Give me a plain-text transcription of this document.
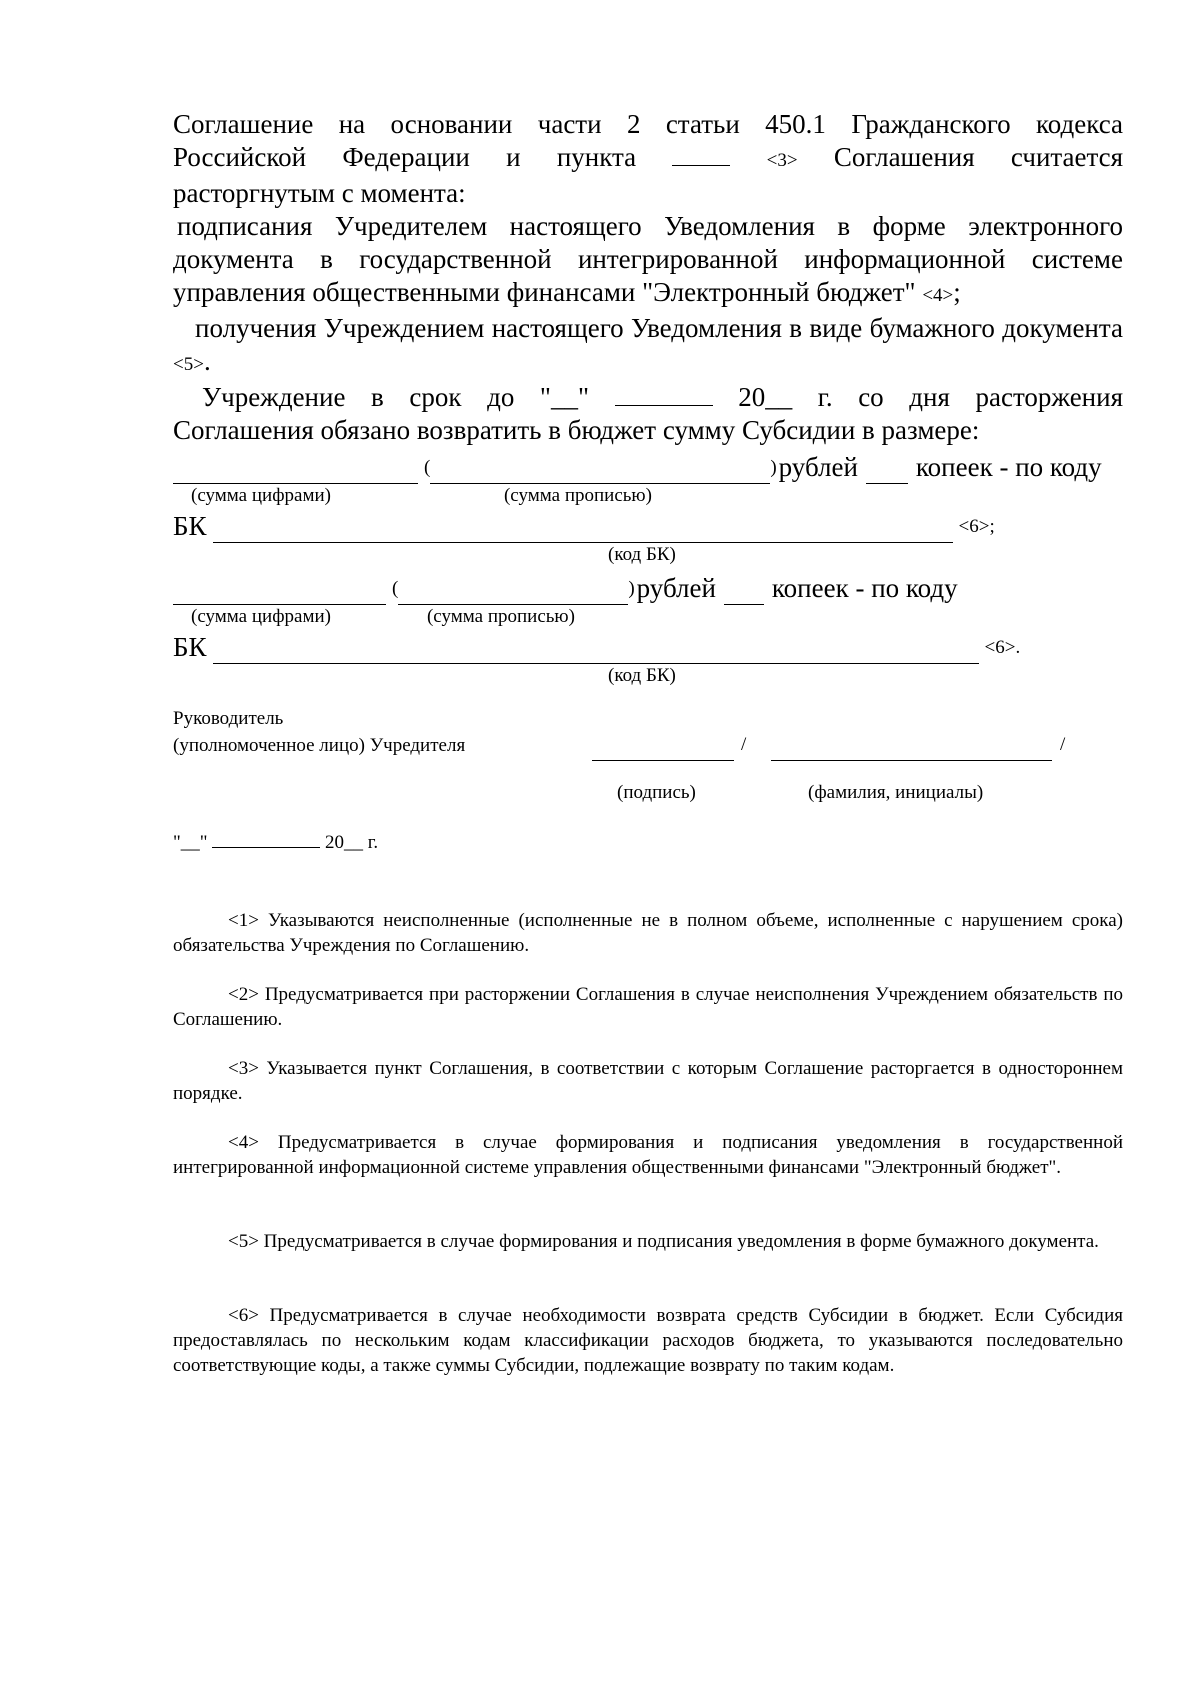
Соглашение на основании части 2 статьи 450.1 Гражданского кодекса
Российской Федерации и пункта	<3> Соглашения считается
расторгнутым с момента:

подписания Учредителем настоящего Уведомления в форме электронного документа в государственной интегрированной информационной системе управления общественными финансами "Электронный бюджет" <4>;

получения Учреждением настоящего Уведомления в виде бумажного документа <5>.

Учреждение в срок до "__"	20__ г. со дня расторжения
Соглашения обязано возвратить в бюджет сумму Субсидии в размере:
(	) рублей копеек - по коду
(сумма цифрами)	(сумма прописью)
БК	<6>;
(код БК)
(	) рублей копеек - по коду
(сумма цифрами)	(сумма прописью)
БК	<6>.
(код БК)
Руководитель
(уполномоченное лицо) Учредителя	/	/
(подпись)	(фамилия, инициалы)
"__"	20__ г.

<1> Указываются неисполненные (исполненные не в полном объеме, исполненные с нарушением срока) обязательства Учреждения по Соглашению.

<2> Предусматривается при расторжении Соглашения в случае неисполнения Учреждением обязательств по Соглашению.

<3> Указывается пункт Соглашения, в соответствии с которым Соглашение расторгается в одностороннем порядке.

<4> Предусматривается в случае формирования и подписания уведомления в государственной интегрированной информационной системе управления общественными финансами "Электронный бюджет".

<5> Предусматривается в случае формирования и подписания уведомления в форме бумажного документа.

<6> Предусматривается в случае необходимости возврата средств Субсидии в бюджет. Если Субсидия предоставлялась по нескольким кодам классификации расходов бюджета, то указываются последовательно соответствующие коды, а также суммы Субсидии, подлежащие возврату по таким кодам.
